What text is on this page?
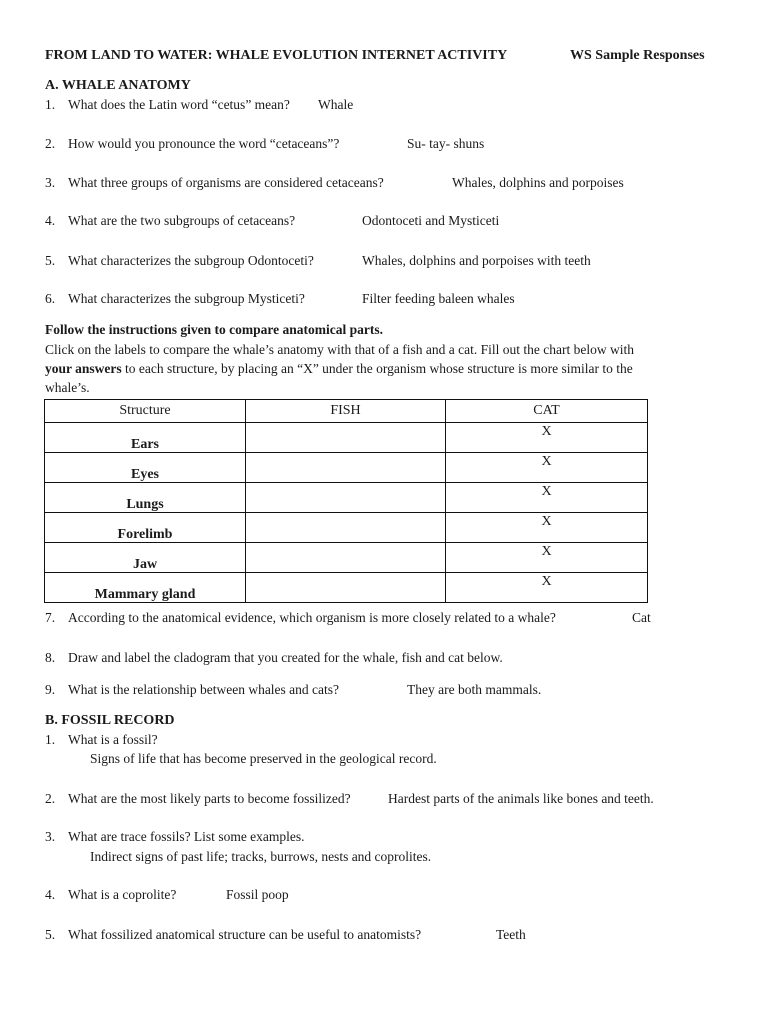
FROM LAND TO WATER: WHALE EVOLUTION INTERNET ACTIVITY	WS Sample Responses
A. WHALE ANATOMY
1. What does the Latin word “cetus” mean? Whale
2. How would you pronounce the word “cetaceans”?	Su- tay- shuns
3. What three groups of organisms are considered cetaceans?	Whales, dolphins and porpoises
4. What are the two subgroups of cetaceans?	Odontoceti and Mysticeti
5. What characterizes the subgroup Odontoceti?	Whales, dolphins and porpoises with teeth
6. What characterizes the subgroup Mysticeti?	Filter feeding baleen whales
Follow the instructions given to compare anatomical parts.
Click on the labels to compare the whale’s anatomy with that of a fish and a cat. Fill out the chart below with
your answers to each structure, by placing an “X” under the organism whose structure is more similar to the
whale’s.
Structure	FISH	CAT
Ears		X
Eyes		X
Lungs		X
Forelimb		X
Jaw		X
Mammary gland		X
7. According to the anatomical evidence, which organism is more closely related to a whale?	Cat
8. Draw and label the cladogram that you created for the whale, fish and cat below.
9. What is the relationship between whales and cats?	They are both mammals.
B. FOSSIL RECORD
1. What is a fossil?
Signs of life that has become preserved in the geological record.
2. What are the most likely parts to become fossilized?	Hardest parts of the animals like bones and teeth.
3. What are trace fossils? List some examples.
Indirect signs of past life; tracks, burrows, nests and coprolites.
4. What is a coprolite?	Fossil poop
5. What fossilized anatomical structure can be useful to anatomists?	Teeth
